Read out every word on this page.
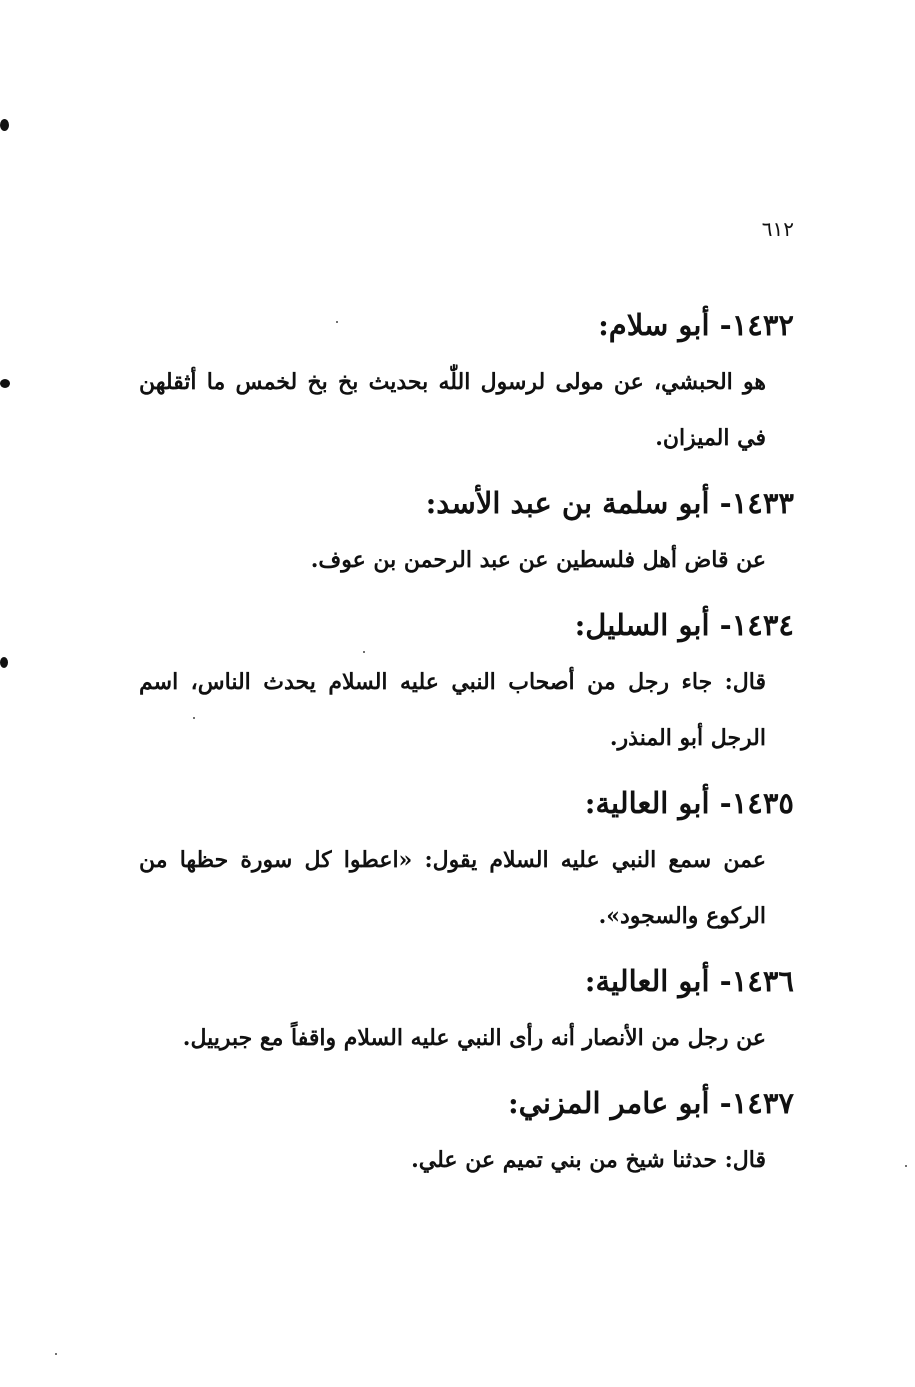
٦١٢
١٤٣٢- أبو سلام:

هو الحبشي، عن مولى لرسول اللّٰه بحديث بخ بخ لخمس ما أثقلهن في الميزان.

١٤٣٣- أبو سلمة بن عبد الأسد:

عن قاض أهل فلسطين عن عبد الرحمن بن عوف.

١٤٣٤- أبو السليل:

قال: جاء رجل من أصحاب النبي عليه السلام يحدث الناس، اسم الرجل أبو المنذر.

١٤٣٥- أبو العالية:

عمن سمع النبي عليه السلام يقول: «اعطوا كل سورة حظها من الركوع والسجود».

١٤٣٦- أبو العالية:

عن رجل من الأنصار أنه رأى النبي عليه السلام واقفاً مع جبرييل.

١٤٣٧- أبو عامر المزني:

قال: حدثنا شيخ من بني تميم عن علي.
